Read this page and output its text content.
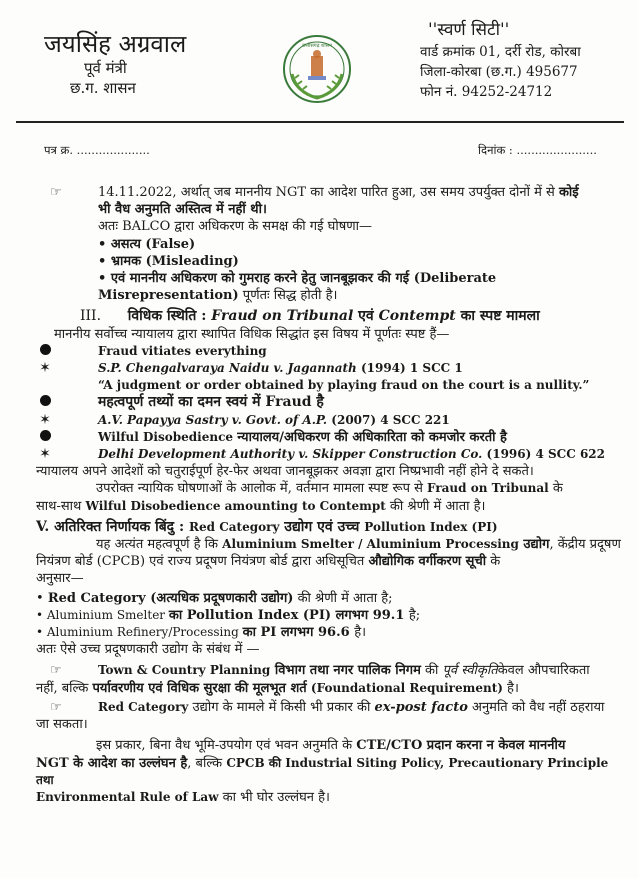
जयसिंह अग्रवाल
पूर्व मंत्री
छ.ग. शासन
छत्तीसगढ़ शासन
''स्वर्ण सिटी''
वार्ड क्रमांक 01, दर्री रोड, कोरबा
जिला-कोरबा (छ.ग.) 495677
फोन नं. 94252-24712
पत्र क्र. ....................	दिनांक : ......................
☞	14.11.2022, अर्थात् जब माननीय NGT का आदेश पारित हुआ, उस समय उपर्युक्त दोनों में से कोई

भी वैध अनुमति अस्तित्व में नहीं थी।

अतः BALCO द्वारा अधिकरण के समक्ष की गई घोषणा—

• असत्य (False)

• भ्रामक (Misleading)

• एवं माननीय अधिकरण को गुमराह करने हेतु जानबूझकर की गई (Deliberate

Misrepresentation) पूर्णतः सिद्ध होती है।

III. विधिक स्थिति : Fraud on Tribunal एवं Contempt का स्पष्ट मामला

माननीय सर्वोच्च न्यायालय द्वारा स्थापित विधिक सिद्धांत इस विषय में पूर्णतः स्पष्ट हैं—

Fraud vitiates everything

✶	S.P. Chengalvaraya Naidu v. Jagannath (1994) 1 SCC 1

“A judgment or order obtained by playing fraud on the court is a nullity.”

महत्वपूर्ण तथ्यों का दमन स्वयं में Fraud है

✶	A.V. Papayya Sastry v. Govt. of A.P. (2007) 4 SCC 221

Wilful Disobedience न्यायालय/अधिकरण की अधिकारिता को कमजोर करती है

✶	Delhi Development Authority v. Skipper Construction Co. (1996) 4 SCC 622

न्यायालय अपने आदेशों को चतुराईपूर्ण हेर-फेर अथवा जानबूझकर अवज्ञा द्वारा निष्प्रभावी नहीं होने दे सकते।

उपरोक्त न्यायिक घोषणाओं के आलोक में, वर्तमान मामला स्पष्ट रूप से Fraud on Tribunal के

साथ-साथ Wilful Disobedience amounting to Contempt की श्रेणी में आता है।

V. अतिरिक्त निर्णायक बिंदु : Red Category उद्योग एवं उच्च Pollution Index (PI)

यह अत्यंत महत्वपूर्ण है कि Aluminium Smelter / Aluminium Processing उद्योग, केंद्रीय प्रदूषण

नियंत्रण बोर्ड (CPCB) एवं राज्य प्रदूषण नियंत्रण बोर्ड द्वारा अधिसूचित औद्योगिक वर्गीकरण सूची के

अनुसार—

• Red Category (अत्यधिक प्रदूषणकारी उद्योग) की श्रेणी में आता है;

• Aluminium Smelter का Pollution Index (PI) लगभग 99.1 है;

• Aluminium Refinery/Processing का PI लगभग 96.6 है।

अतः ऐसे उच्च प्रदूषणकारी उद्योग के संबंध में —

☞	Town & Country Planning विभाग तथा नगर पालिक निगम की पूर्व स्वीकृतिकेवल औपचारिकता

नहीं, बल्कि पर्यावरणीय एवं विधिक सुरक्षा की मूलभूत शर्त (Foundational Requirement) है।

☞	Red Category उद्योग के मामले में किसी भी प्रकार की ex-post facto अनुमति को वैध नहीं ठहराया

जा सकता।

इस प्रकार, बिना वैध भूमि-उपयोग एवं भवन अनुमति के CTE/CTO प्रदान करना न केवल माननीय

NGT के आदेश का उल्लंघन है, बल्कि CPCB की Industrial Siting Policy, Precautionary Principle तथा

Environmental Rule of Law का भी घोर उल्लंघन है।
